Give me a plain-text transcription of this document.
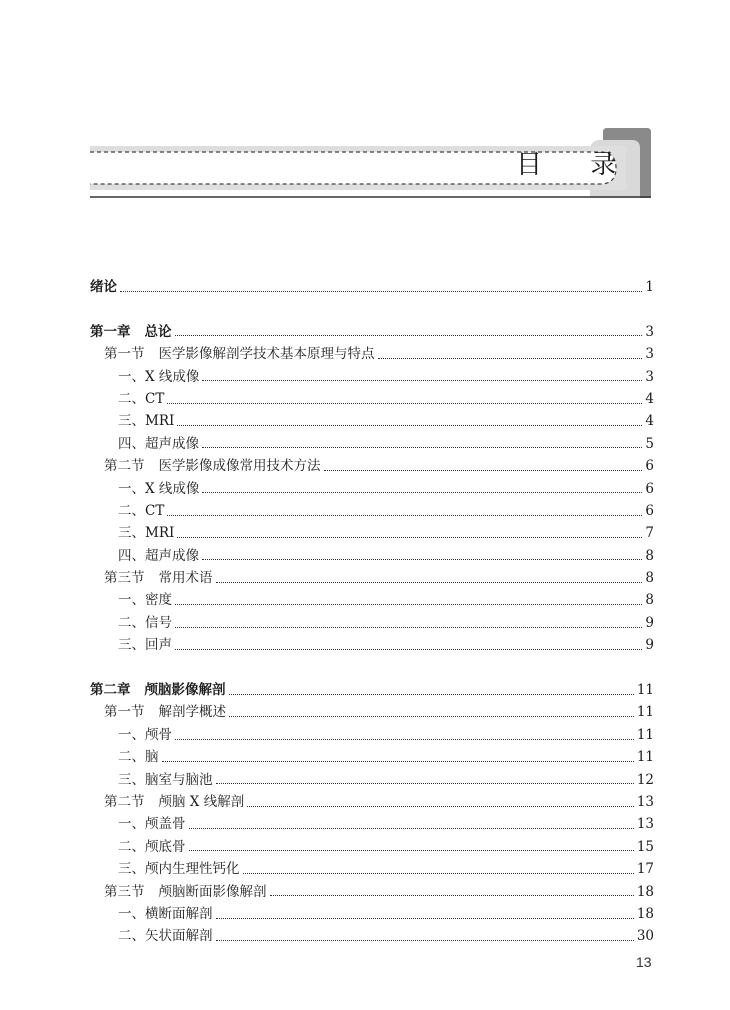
目 录
绪论	1
第一章 总论	3
第一节 医学影像解剖学技术基本原理与特点	3
一、X 线成像	3
二、CT	4
三、MRI	4
四、超声成像	5
第二节 医学影像成像常用技术方法	6
一、X 线成像	6
二、CT	6
三、MRI	7
四、超声成像	8
第三节 常用术语	8
一、密度	8
二、信号	9
三、回声	9
第二章 颅脑影像解剖	11
第一节 解剖学概述	11
一、颅骨	11
二、脑	11
三、脑室与脑池	12
第二节 颅脑 X 线解剖	13
一、颅盖骨	13
二、颅底骨	15
三、颅内生理性钙化	17
第三节 颅脑断面影像解剖	18
一、横断面解剖	18
二、矢状面解剖	30
13
